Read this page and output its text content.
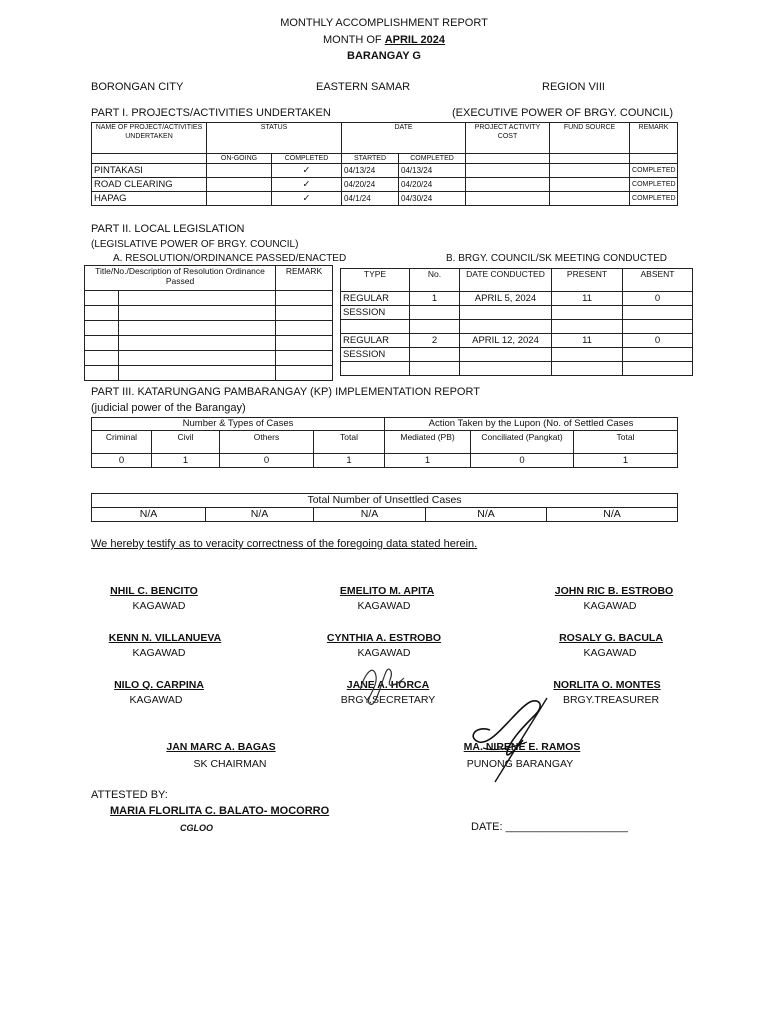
MONTHLY ACCOMPLISHMENT REPORT
MONTH OF APRIL 2024
BARANGAY G
BORONGAN CITY	EASTERN SAMAR	REGION VIII
PART I. PROJECTS/ACTIVITIES UNDERTAKEN	(EXECUTIVE POWER OF BRGY. COUNCIL)
NAME OF PROJECT/ACTIVITIES UNDERTAKEN	STATUS		DATE		PROJECT ACTIVITY COST	FUND SOURCE	REMARK
	ON-GOING	COMPLETED	STARTED	COMPLETED			
PINTAKASI		✓	04/13/24	04/13/24			COMPLETED
ROAD CLEARING		✓	04/20/24	04/20/24			COMPLETED
HAPAG		✓	04/1/24	04/30/24			COMPLETED
PART II. LOCAL LEGISLATION
(LEGISLATIVE POWER OF BRGY. COUNCIL)
A. RESOLUTION/ORDINANCE PASSED/ENACTED	B. BRGY. COUNCIL/SK MEETING CONDUCTED
Title/No./Description of Resolution Ordinance Passed		REMARK

			TYPE	No.	DATE CONDUCTED	PRESENT	ABSENT
REGULAR	1	APRIL 5, 2024	11	0
SESSION				

REGULAR	2	APRIL 12, 2024	11	0
SESSION				

PART III. KATARUNGANG PAMBARANGAY (KP) IMPLEMENTATION REPORT
(judicial power of the Barangay)
Number & Types of Cases				Action Taken by the Lupon (No. of Settled Cases		
Criminal	Civil	Others	Total	Mediated (PB)	Conciliated (Pangkat)	Total
0	1	0	1	1	0	1
Total Number of Unsettled Cases
N/A	N/A	N/A	N/A	N/A
We hereby testify as to veracity correctness of the foregoing data stated herein.
NHIL C. BENCITO
KAGAWAD
EMELITO M. APITA
KAGAWAD
JOHN RIC B. ESTROBO
KAGAWAD
KENN N. VILLANUEVA
KAGAWAD
CYNTHIA A. ESTROBO
KAGAWAD
ROSALY G. BACULA
KAGAWAD
NILO Q. CARPINA
KAGAWAD
JANE A. HORCA
BRGY.SECRETARY
NORLITA O. MONTES
BRGY.TREASURER
JAN MARC A. BAGAS
SK CHAIRMAN
MA. NIRENE E. RAMOS
PUNONG BARANGAY
ATTESTED BY:
MARIA FLORLITA C. BALATO- MOCORRO
CGLOO	DATE: ____________________
